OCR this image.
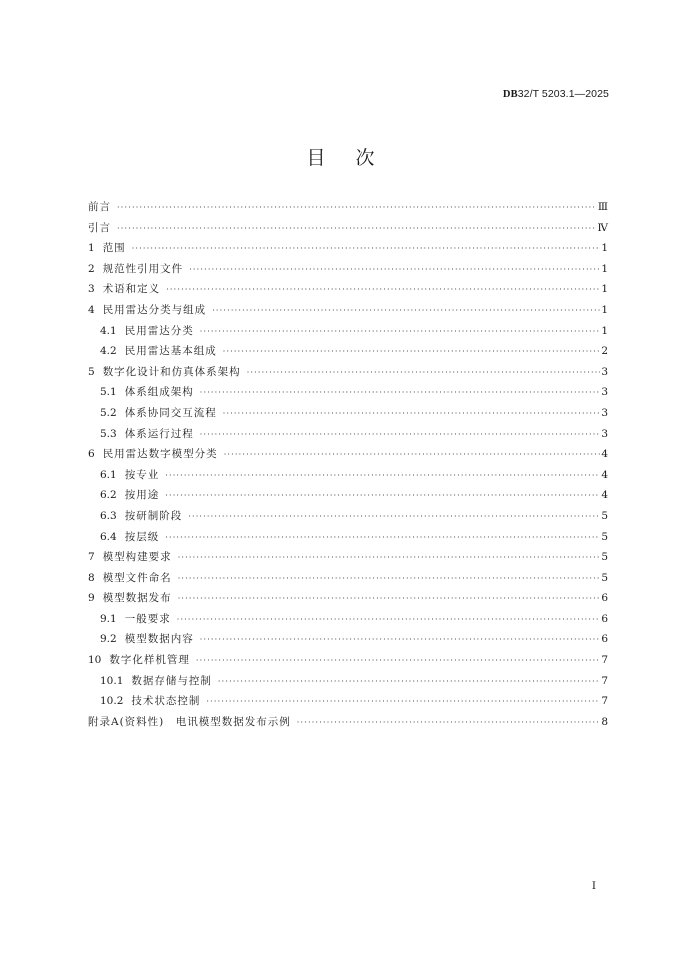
DB32/T 5203.1—2025
目次
前言 ·····	Ⅲ
引言 ·····	Ⅳ
1 范围 ·····	1
2 规范性引用文件 ·····	1
3 术语和定义 ·····	1
4 民用雷达分类与组成 ·····	1
4.1 民用雷达分类 ·····	1
4.2 民用雷达基本组成 ·····	2
5 数字化设计和仿真体系架构 ·····	3
5.1 体系组成架构 ·····	3
5.2 体系协同交互流程 ·····	3
5.3 体系运行过程 ·····	3
6 民用雷达数字模型分类 ·····	4
6.1 按专业 ·····	4
6.2 按用途 ·····	4
6.3 按研制阶段 ·····	5
6.4 按层级 ·····	5
7 模型构建要求 ·····	5
8 模型文件命名 ·····	5
9 模型数据发布 ·····	6
9.1 一般要求 ·····	6
9.2 模型数据内容 ·····	6
10 数字化样机管理 ·····	7
10.1 数据存储与控制 ·····	7
10.2 技术状态控制 ·····	7
附录A(资料性)　电讯模型数据发布示例 ·····	8
I
